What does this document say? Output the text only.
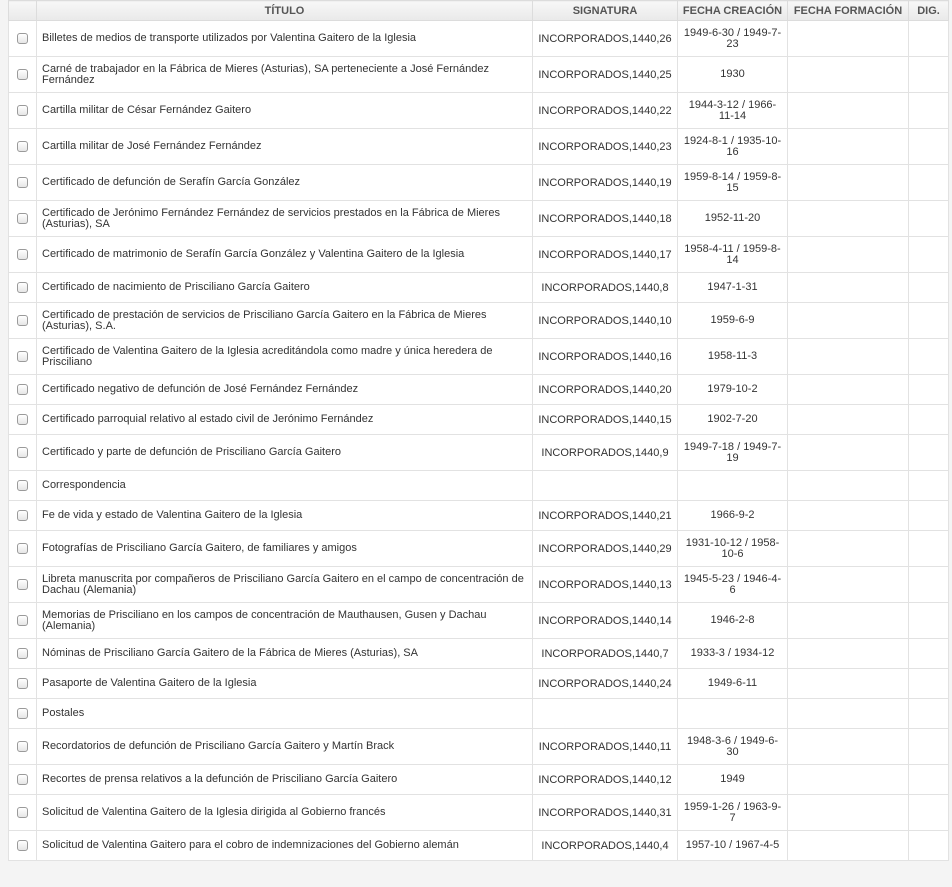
	TÍTULO	SIGNATURA	FECHA CREACIÓN	FECHA FORMACIÓN	DIG.
	Billetes de medios de transporte utilizados por Valentina Gaitero de la Iglesia	INCORPORADOS,1440,26	1949-6-30 / 1949-7-23		
	Carné de trabajador en la Fábrica de Mieres (Asturias), SA perteneciente a José Fernández Fernández	INCORPORADOS,1440,25	1930		
	Cartilla militar de César Fernández Gaitero	INCORPORADOS,1440,22	1944-3-12 / 1966-11-14		
	Cartilla militar de José Fernández Fernández	INCORPORADOS,1440,23	1924-8-1 / 1935-10-16		
	Certificado de defunción de Serafín García González	INCORPORADOS,1440,19	1959-8-14 / 1959-8-15		
	Certificado de Jerónimo Fernández Fernández de servicios prestados en la Fábrica de Mieres (Asturias), SA	INCORPORADOS,1440,18	1952-11-20		
	Certificado de matrimonio de Serafín García González y Valentina Gaitero de la Iglesia	INCORPORADOS,1440,17	1958-4-11 / 1959-8-14		
	Certificado de nacimiento de Prisciliano García Gaitero	INCORPORADOS,1440,8	1947-1-31		
	Certificado de prestación de servicios de Prisciliano García Gaitero en la Fábrica de Mieres (Asturias), S.A.	INCORPORADOS,1440,10	1959-6-9		
	Certificado de Valentina Gaitero de la Iglesia acreditándola como madre y única heredera de Prisciliano	INCORPORADOS,1440,16	1958-11-3		
	Certificado negativo de defunción de José Fernández Fernández	INCORPORADOS,1440,20	1979-10-2		
	Certificado parroquial relativo al estado civil de Jerónimo Fernández	INCORPORADOS,1440,15	1902-7-20		
	Certificado y parte de defunción de Prisciliano García Gaitero	INCORPORADOS,1440,9	1949-7-18 / 1949-7-19		
	Correspondencia				
	Fe de vida y estado de Valentina Gaitero de la Iglesia	INCORPORADOS,1440,21	1966-9-2		
	Fotografías de Prisciliano García Gaitero, de familiares y amigos	INCORPORADOS,1440,29	1931-10-12 / 1958-10-6		
	Libreta manuscrita por compañeros de Prisciliano García Gaitero en el campo de concentración de Dachau (Alemania)	INCORPORADOS,1440,13	1945-5-23 / 1946-4-6		
	Memorias de Prisciliano en los campos de concentración de Mauthausen, Gusen y Dachau (Alemania)	INCORPORADOS,1440,14	1946-2-8		
	Nóminas de Prisciliano García Gaitero de la Fábrica de Mieres (Asturias), SA	INCORPORADOS,1440,7	1933-3 / 1934-12		
	Pasaporte de Valentina Gaitero de la Iglesia	INCORPORADOS,1440,24	1949-6-11		
	Postales				
	Recordatorios de defunción de Prisciliano García Gaitero y Martín Brack	INCORPORADOS,1440,11	1948-3-6 / 1949-6-30		
	Recortes de prensa relativos a la defunción de Prisciliano García Gaitero	INCORPORADOS,1440,12	1949		
	Solicitud de Valentina Gaitero de la Iglesia dirigida al Gobierno francés	INCORPORADOS,1440,31	1959-1-26 / 1963-9-7		
	Solicitud de Valentina Gaitero para el cobro de indemnizaciones del Gobierno alemán	INCORPORADOS,1440,4	1957-10 / 1967-4-5		
